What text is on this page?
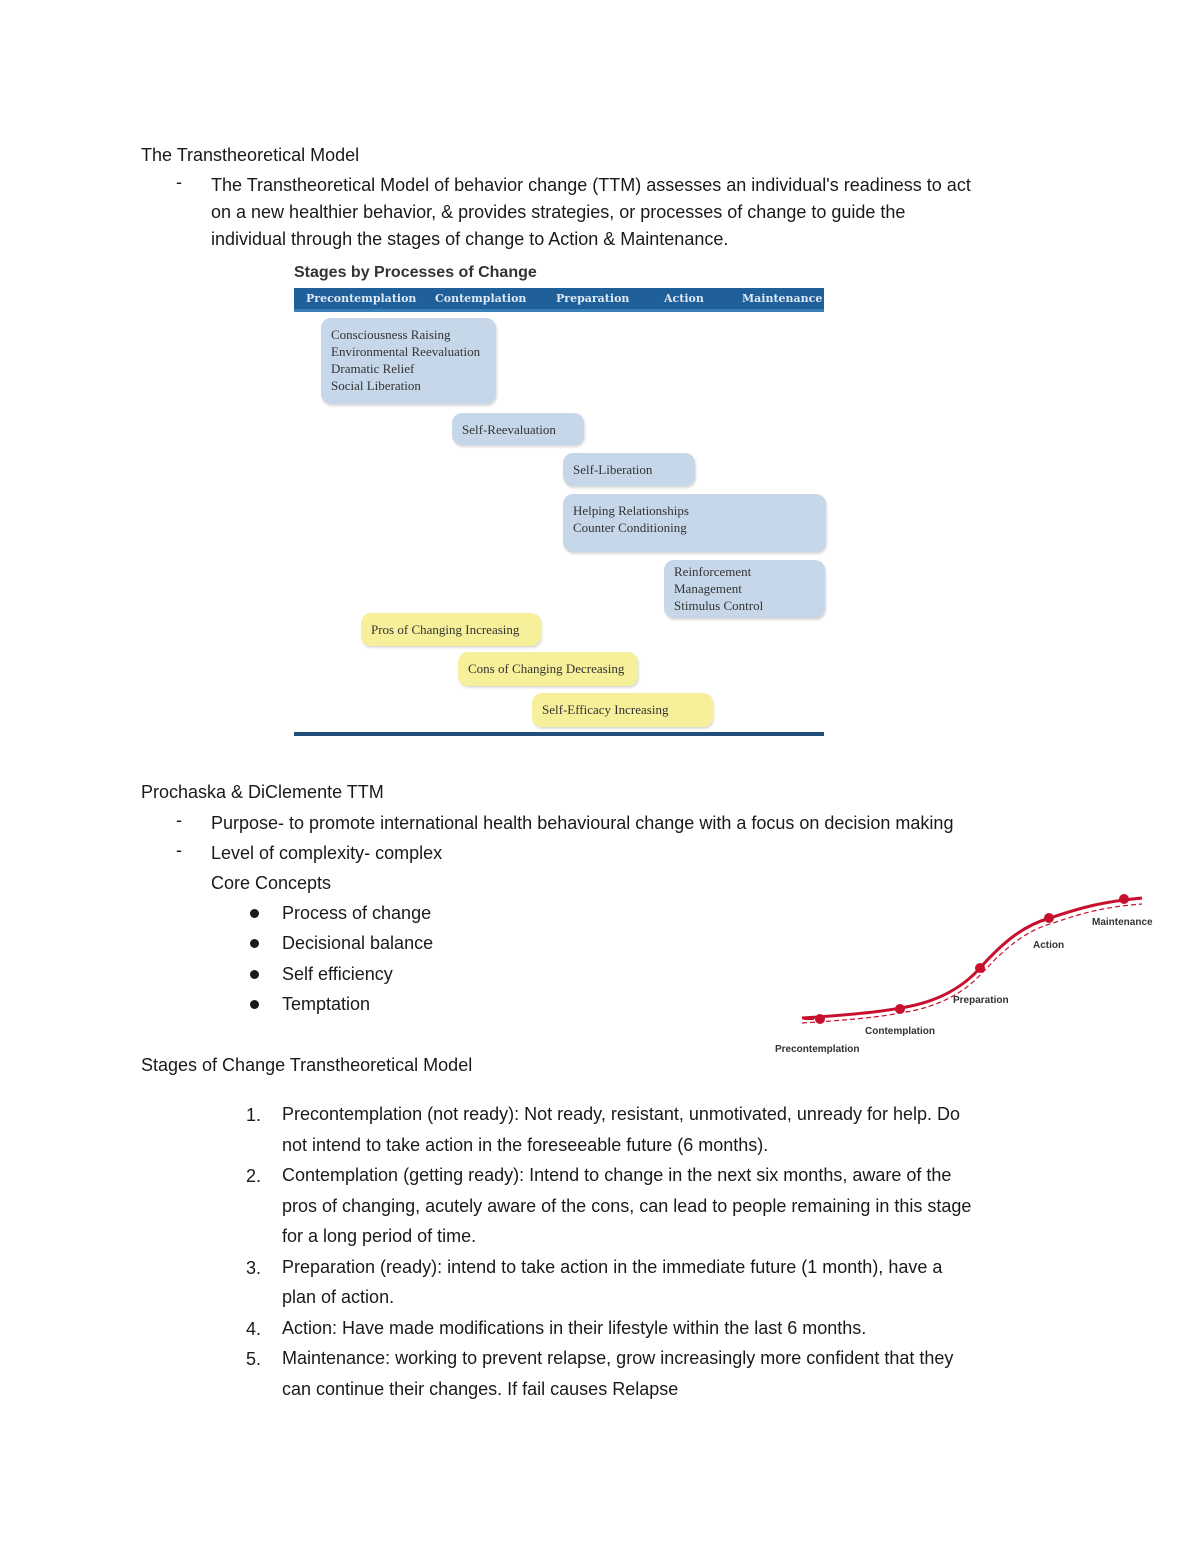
The Transtheoretical Model
- The Transtheoretical Model of behavior change (TTM) assesses an individual's readiness to act
on a new healthier behavior, & provides strategies, or processes of change to guide the
individual through the stages of change to Action & Maintenance.
Stages by Processes of Change
Precontemplation Contemplation	Preparation	Action	Maintenance
Consciousness Raising
Environmental Reevaluation
Dramatic Relief
Social Liberation
Self-Reevaluation
Self-Liberation
Helping Relationships
Counter Conditioning
Reinforcement
Management
Stimulus Control
Pros of Changing Increasing
Cons of Changing Decreasing
Self-Efficacy Increasing
Prochaska & DiClemente TTM
- Purpose- to promote international health behavioural change with a focus on decision making
- Level of complexity- complex
Core Concepts
Process of change
Decisional balance
Self efficiency
Temptation
Precontemplation
Contemplation
Preparation
Action
Maintenance
Stages of Change Transtheoretical Model
1. Precontemplation (not ready): Not ready, resistant, unmotivated, unready for help. Do
not intend to take action in the foreseeable future (6 months).
2. Contemplation (getting ready): Intend to change in the next six months, aware of the
pros of changing, acutely aware of the cons, can lead to people remaining in this stage
for a long period of time.
3. Preparation (ready): intend to take action in the immediate future (1 month), have a
plan of action.
4. Action: Have made modifications in their lifestyle within the last 6 months.
5. Maintenance: working to prevent relapse, grow increasingly more confident that they
can continue their changes. If fail causes Relapse
